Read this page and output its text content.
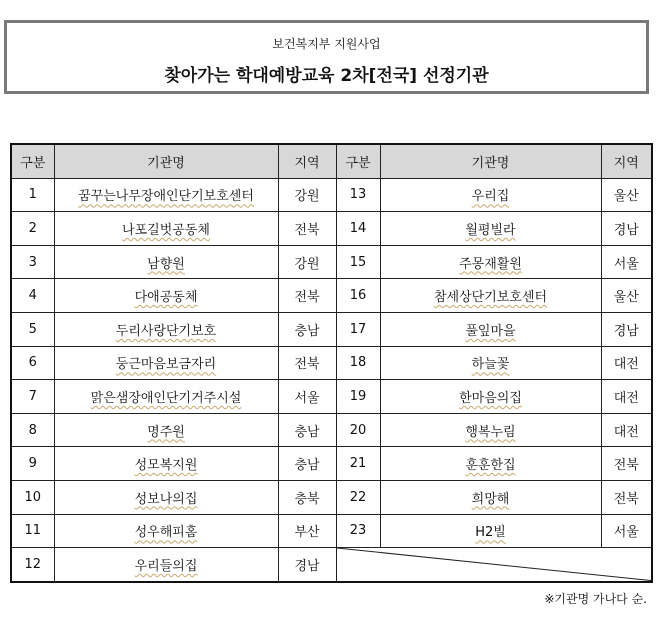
보건복지부 지원사업
찾아가는 학대예방교육 2차[전국] 선정기관
구분	기관명	지역	구분	기관명	지역
1	꿈꾸는나무장애인단기보호센터	강원	13	우리집	울산
2	나포길벗공동체	전북	14	월평빌라	경남
3	남향원	강원	15	주몽재활원	서울
4	다애공동체	전북	16	참세상단기보호센터	울산
5	두리사랑단기보호	충남	17	풀잎마을	경남
6	둥근마음보금자리	전북	18	하늘꽃	대전
7	맑은샘장애인단기거주시설	서울	19	한마음의집	대전
8	명주원	충남	20	행복누림	대전
9	성모복지원	충남	21	훈훈한집	전북
10	성보나의집	충북	22	희망해	전북
11	성우해피홈	부산	23	H2빌	서울
12	우리들의집	경남	
※기관명 가나다 순.
